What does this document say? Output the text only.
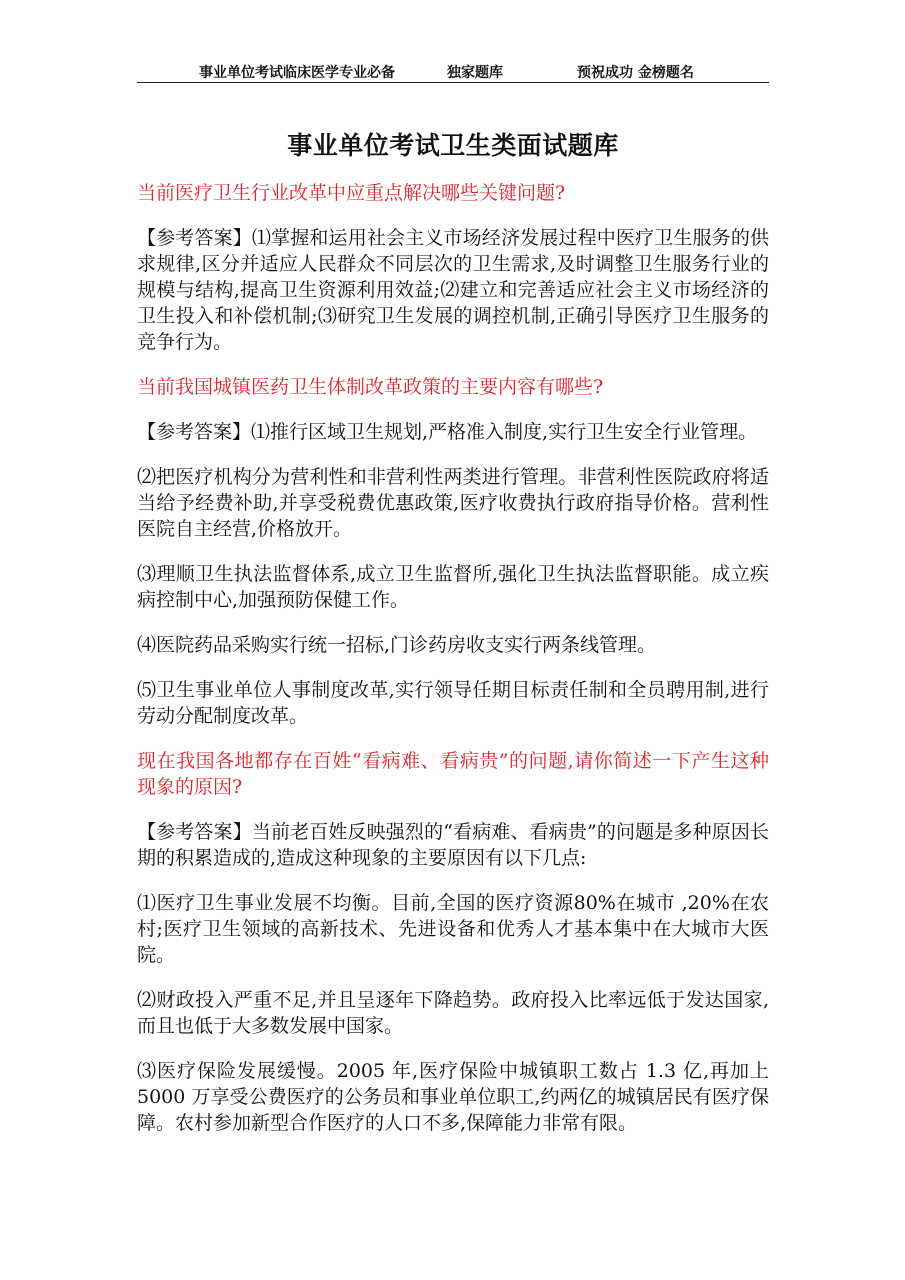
事业单位考试临床医学专业必备	独家题库	预祝成功 金榜题名
事业单位考试卫生类面试题库
当前医疗卫生行业改革中应重点解决哪些关键问题?
【参考答案】⑴掌握和运用社会主义市场经济发展过程中医疗卫生服务的供求规律,区分并适应人民群众不同层次的卫生需求,及时调整卫生服务行业的规模与结构,提高卫生资源利用效益;⑵建立和完善适应社会主义市场经济的卫生投入和补偿机制;⑶研究卫生发展的调控机制,正确引导医疗卫生服务的竞争行为。
当前我国城镇医药卫生体制改革政策的主要内容有哪些?
【参考答案】⑴推行区域卫生规划,严格准入制度,实行卫生安全行业管理。
⑵把医疗机构分为营利性和非营利性两类进行管理。非营利性医院政府将适当给予经费补助,并享受税费优惠政策,医疗收费执行政府指导价格。营利性医院自主经营,价格放开。
⑶理顺卫生执法监督体系,成立卫生监督所,强化卫生执法监督职能。成立疾病控制中心,加强预防保健工作。
⑷医院药品采购实行统一招标,门诊药房收支实行两条线管理。
⑸卫生事业单位人事制度改革,实行领导任期目标责任制和全员聘用制,进行劳动分配制度改革。
现在我国各地都存在百姓“看病难、看病贵”的问题,请你简述一下产生这种现象的原因?
【参考答案】当前老百姓反映强烈的“看病难、看病贵”的问题是多种原因长期的积累造成的,造成这种现象的主要原因有以下几点:
⑴医疗卫生事业发展不均衡。目前,全国的医疗资源80%在城市 ,20%在农村;医疗卫生领域的高新技术、先进设备和优秀人才基本集中在大城市大医院。
⑵财政投入严重不足,并且呈逐年下降趋势。政府投入比率远低于发达国家,而且也低于大多数发展中国家。
⑶医疗保险发展缓慢。2005 年,医疗保险中城镇职工数占 1.3 亿,再加上 5000 万享受公费医疗的公务员和事业单位职工,约两亿的城镇居民有医疗保障。农村参加新型合作医疗的人口不多,保障能力非常有限。
